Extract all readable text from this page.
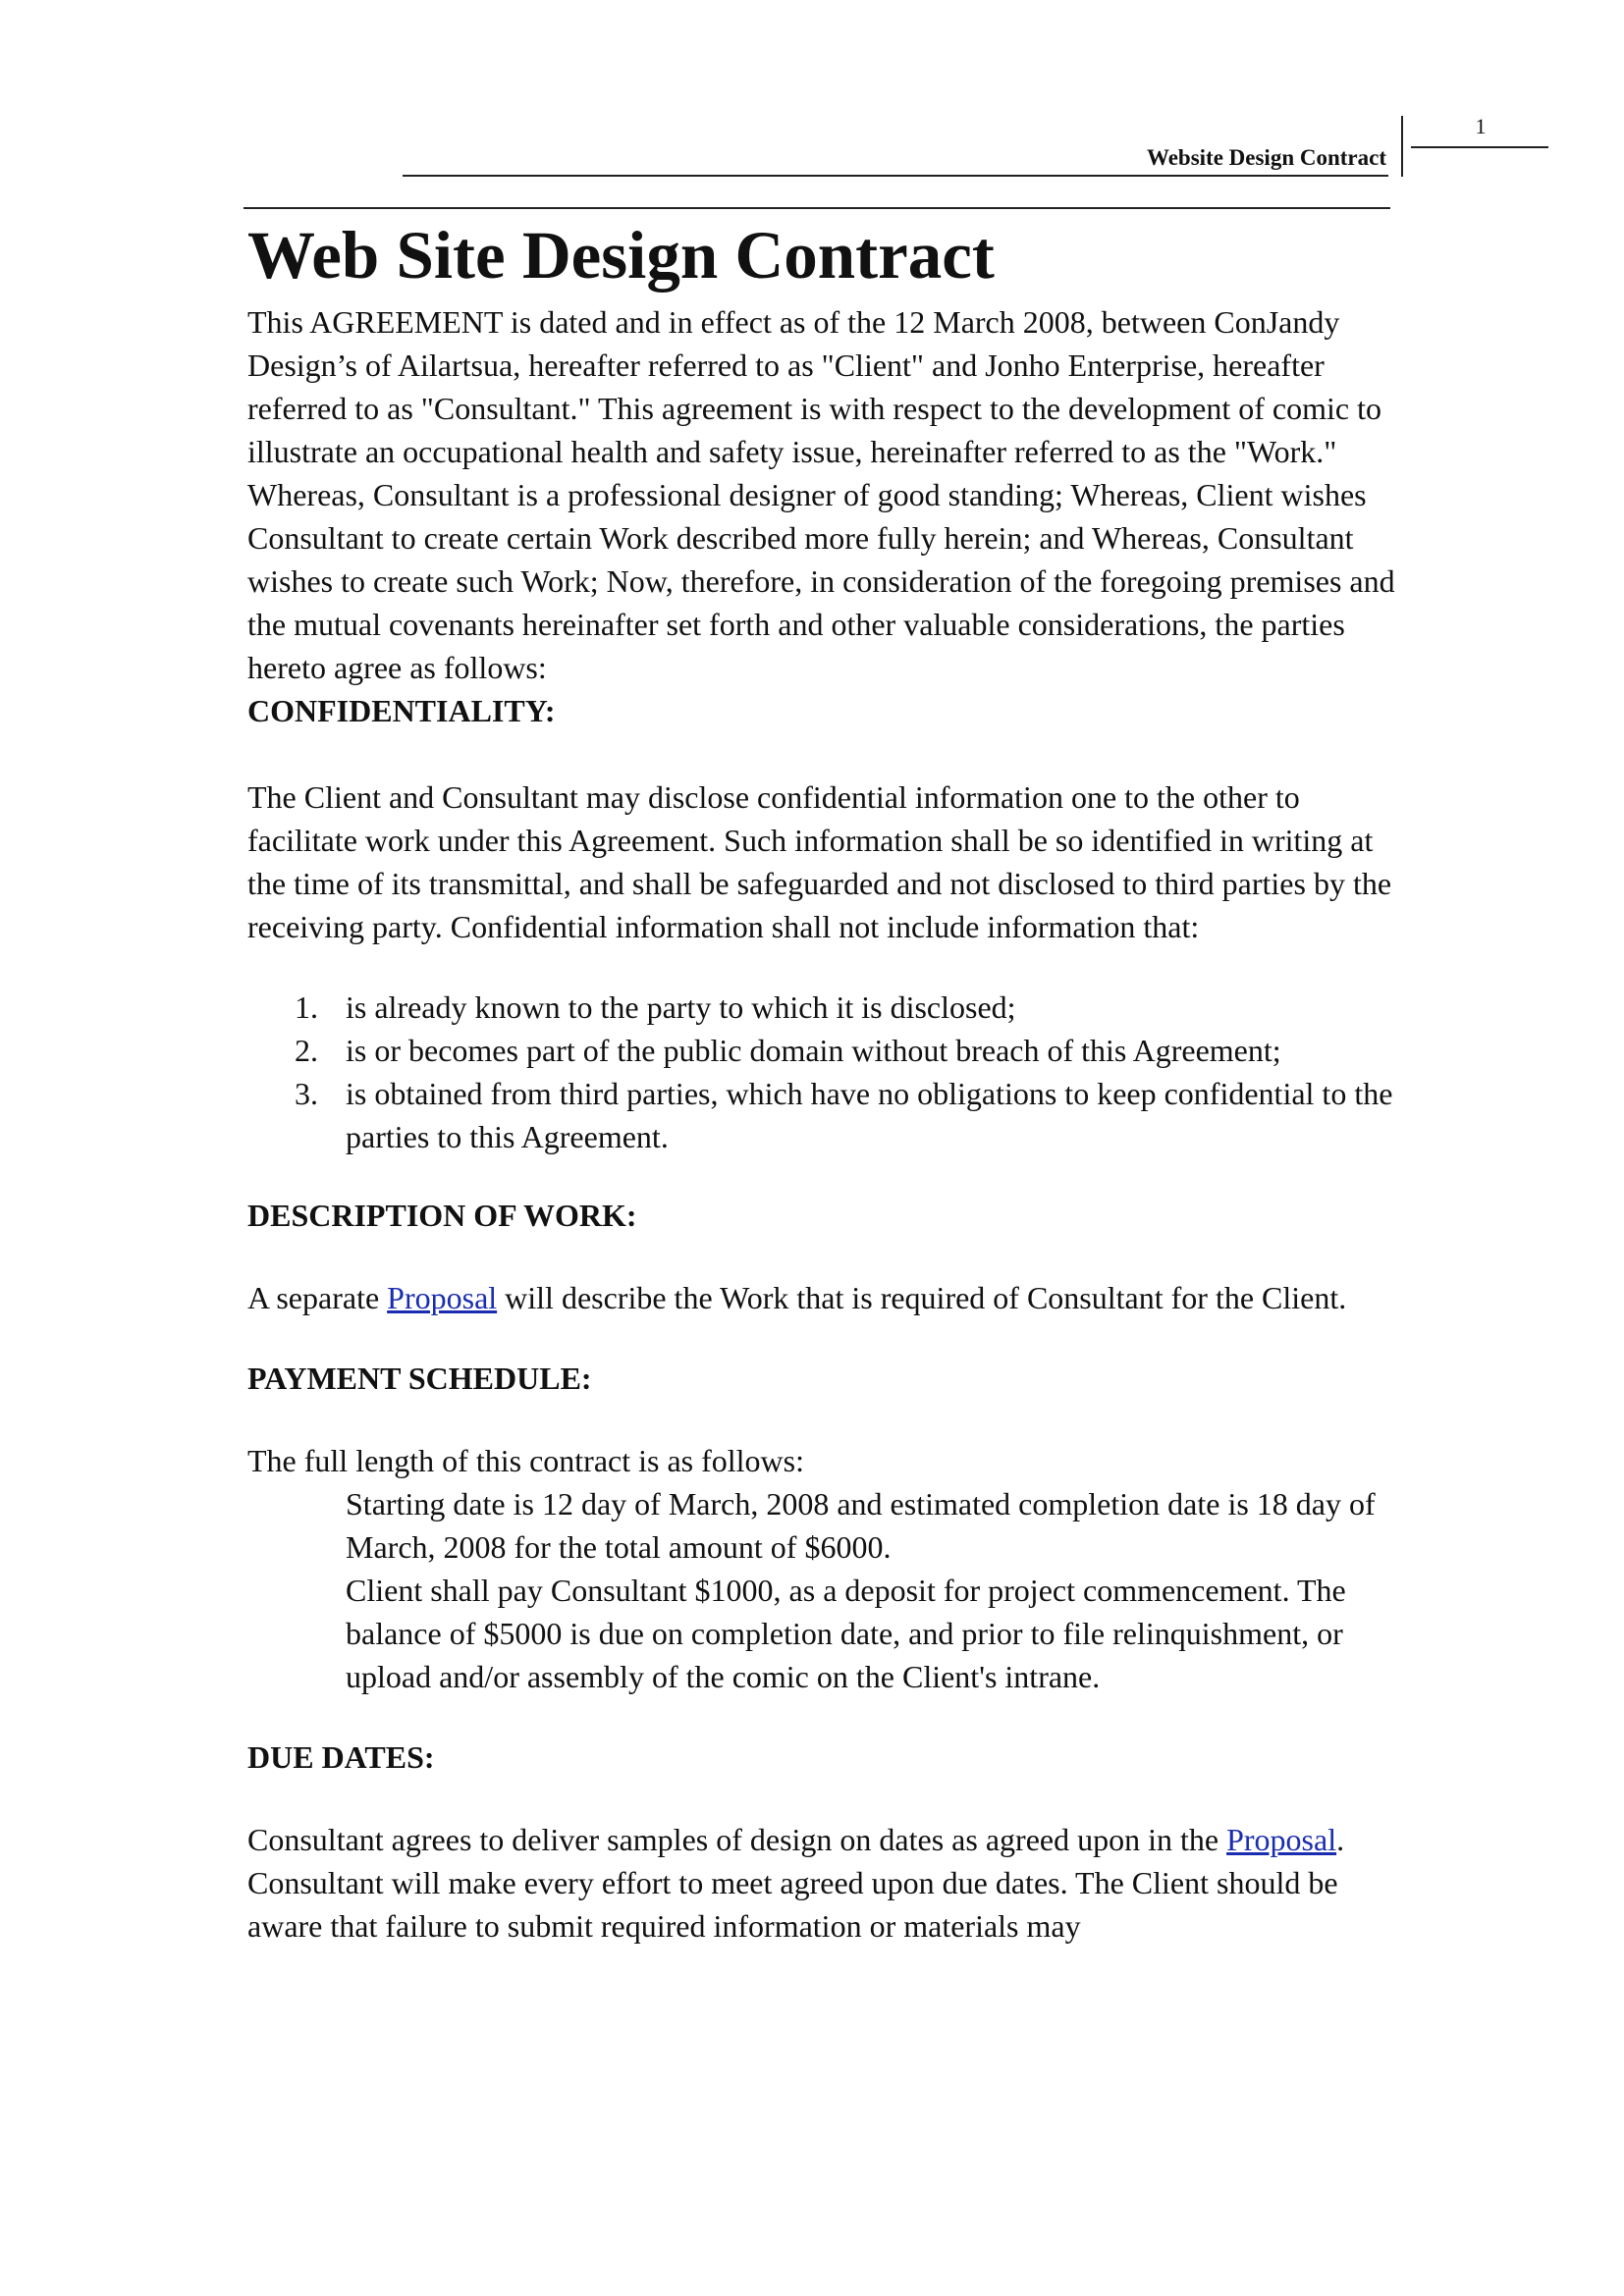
1
Website Design Contract
Web Site Design Contract

This AGREEMENT is dated and in effect as of the 12 March 2008, between ConJandy Design’s of Ailartsua, hereafter referred to as "Client" and Jonho Enterprise, hereafter referred to as "Consultant." This agreement is with respect to the development of comic to illustrate an occupational health and safety issue, hereinafter referred to as the "Work." Whereas, Consultant is a professional designer of good standing; Whereas, Client wishes Consultant to create certain Work described more fully herein; and Whereas, Consultant wishes to create such Work; Now, therefore, in consideration of the foregoing premises and the mutual covenants hereinafter set forth and other valuable considerations, the parties hereto agree as follows:

CONFIDENTIALITY:

The Client and Consultant may disclose confidential information one to the other to facilitate work under this Agreement. Such information shall be so identified in writing at the time of its transmittal, and shall be safeguarded and not disclosed to third parties by the receiving party. Confidential information shall not include information that:

1. is already known to the party to which it is disclosed;
2. is or becomes part of the public domain without breach of this Agreement;
3. is obtained from third parties, which have no obligations to keep confidential to the parties to this Agreement.

DESCRIPTION OF WORK:

A separate Proposal will describe the Work that is required of Consultant for the Client.

PAYMENT SCHEDULE:

The full length of this contract is as follows:

Starting date is 12 day of March, 2008 and estimated completion date is 18 day of March, 2008 for the total amount of $6000.

Client shall pay Consultant $1000, as a deposit for project commencement. The balance of $5000 is due on completion date, and prior to file relinquishment, or upload and/or assembly of the comic on the Client's intrane.

DUE DATES:

Consultant agrees to deliver samples of design on dates as agreed upon in the Proposal. Consultant will make every effort to meet agreed upon due dates. The Client should be aware that failure to submit required information or materials may
